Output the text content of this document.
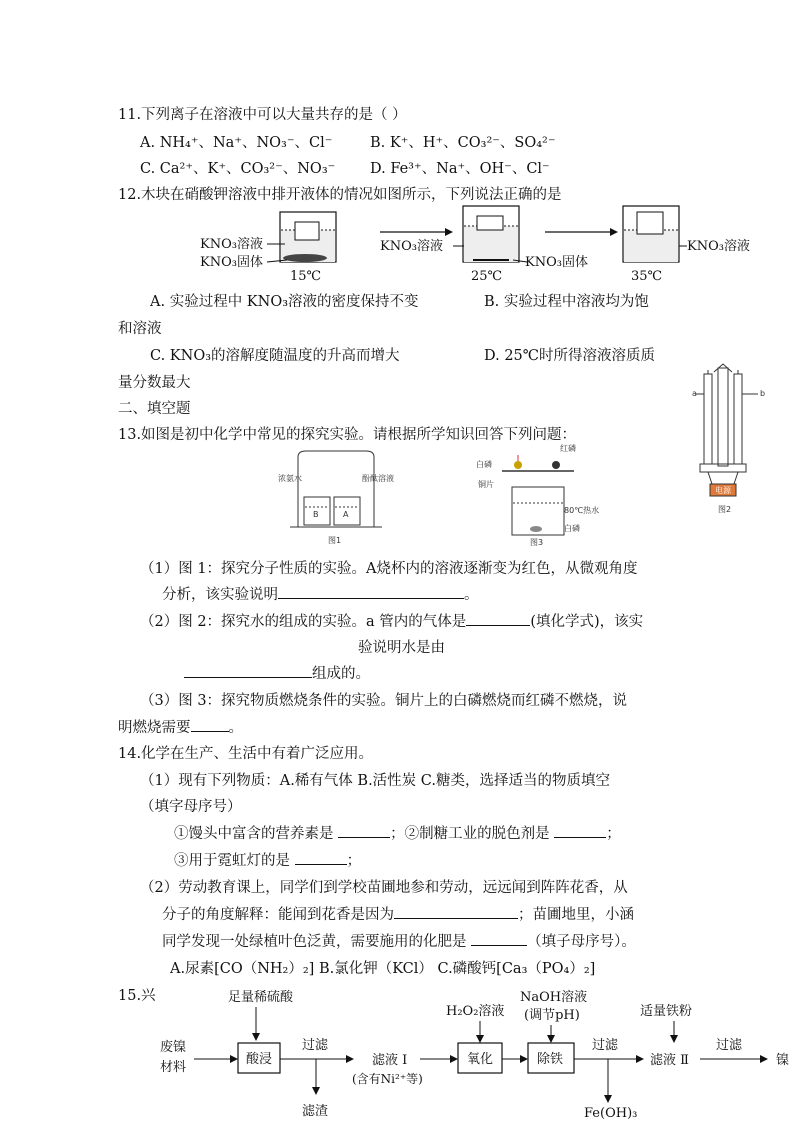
11.下列离子在溶液中可以大量共存的是（ ）
A. NH₄⁺、Na⁺、NO₃⁻、Cl⁻	B. K⁺、H⁺、CO₃²⁻、SO₄²⁻
C. Ca²⁺、K⁺、CO₃²⁻、NO₃⁻ D. Fe³⁺、Na⁺、OH⁻、Cl⁻
12.木块在硝酸钾溶液中排开液体的情况如图所示，下列说法正确的是
KNO₃溶液
KNO₃固体
15℃
KNO₃溶液
KNO₃固体
25℃
KNO₃溶液
35℃
A. 实验过程中 KNO₃溶液的密度保持不变	B. 实验过程中溶液均为饱
和溶液
C. KNO₃的溶解度随温度的升高而增大	D. 25℃时所得溶液溶质质
量分数最大
二、填空题
电源
a	b
图2
13.如图是初中化学中常见的探究实验。请根据所学知识回答下列问题：
B	A
浓氨水	酚酞溶液
图1
白磷
红磷
铜片
80℃热水
白磷
图3
（1）图 1：探究分子性质的实验。A烧杯内的溶液逐渐变为红色，从微观角度
分析，该实验说明	。
（2）图 2：探究水的组成的实验。a 管内的气体是	(填化学式)，该实
验说明水是由
组成的。
（3）图 3：探究物质燃烧条件的实验。铜片上的白磷燃烧而红磷不燃烧，说
明燃烧需要	。
14.化学在生产、生活中有着广泛应用。
（1）现有下列物质：A.稀有气体 B.活性炭 C.糖类，选择适当的物质填空
（填字母序号）
①馒头中富含的营养素是	；②制糖工业的脱色剂是	；
③用于霓虹灯的是	；
（2）劳动教育课上，同学们到学校苗圃地参和劳动，远远闻到阵阵花香，从
分子的角度解释：能闻到花香是因为	；苗圃地里，小涵
同学发现一处绿植叶色泛黄，需要施用的化肥是	（填子母序号）。
A.尿素[CO（NH₂）₂] B.氯化钾（KCl） C.磷酸钙[Ca₃（PO₄）₂]
15.兴	足量稀硫酸
废镍
材料
酸浸
过滤
滤渣
滤液 I
(含有Ni²⁺等)
H₂O₂溶液
氧化
NaOH溶液
(调节pH)
除铁
过滤
Fe(OH)₃
适量铁粉
滤液 Ⅱ
过滤
镍
